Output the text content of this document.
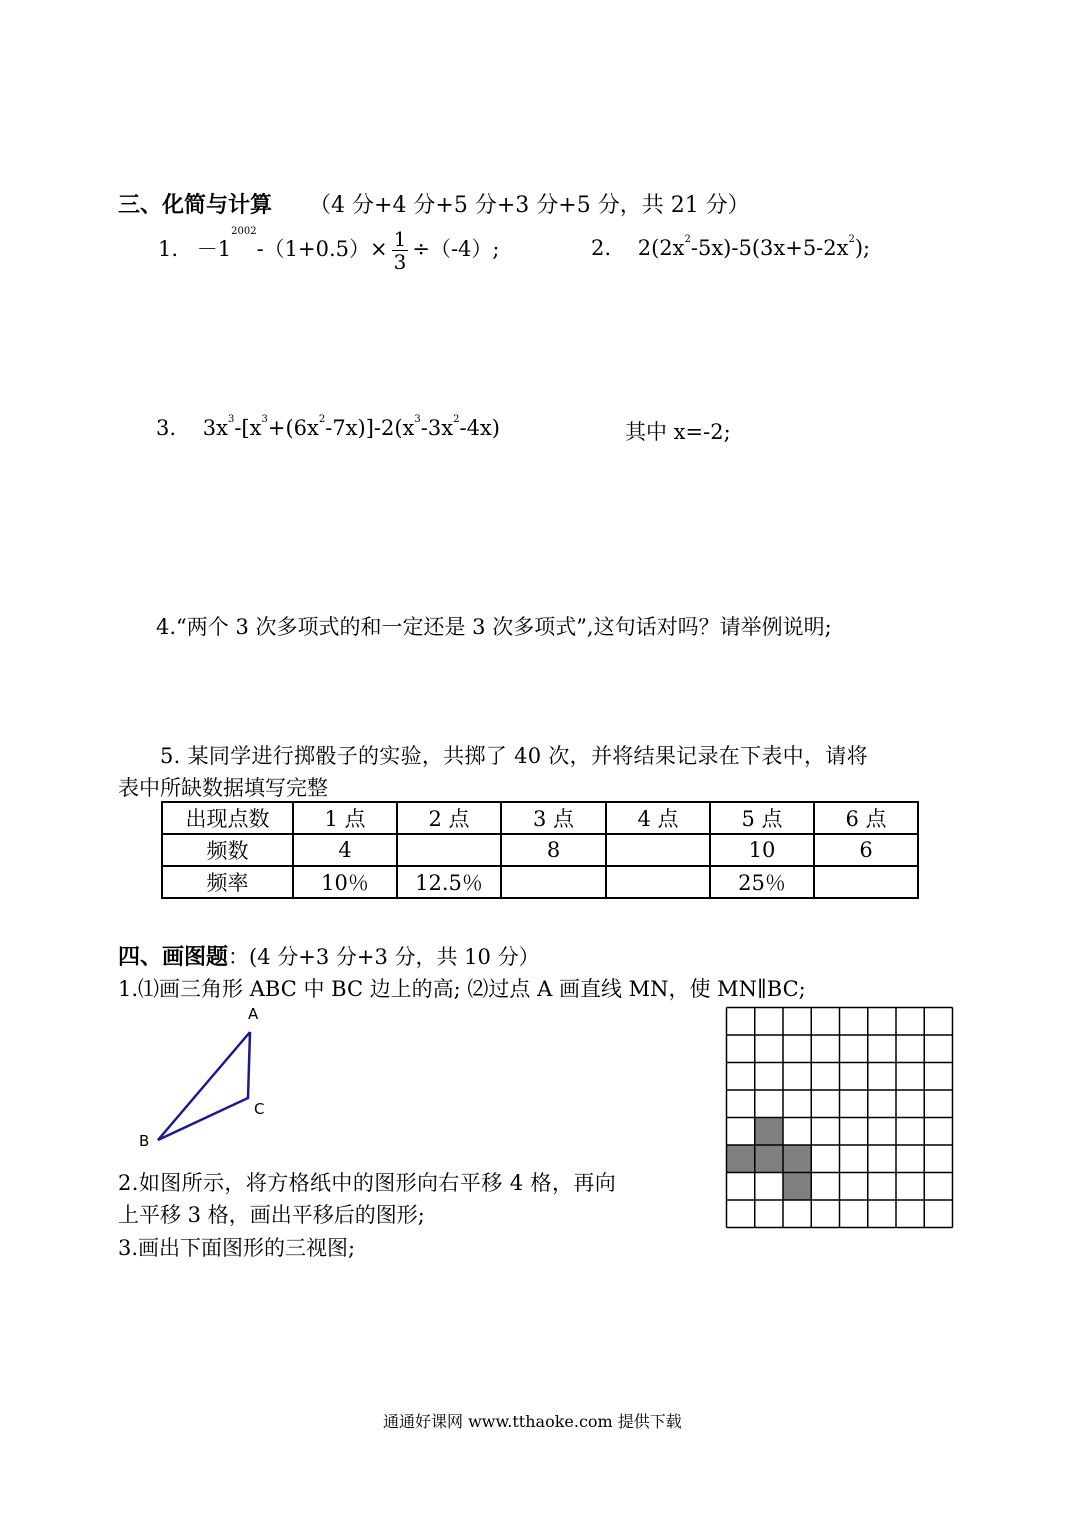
三、化简与计算 （4 分+4 分+5 分+3 分+5 分，共 21 分）
1. $-1^{2002}-(1+0.5)\times \frac{1}{3} \div(-4)$;	2. $2(2x^2-5x)-5(3x+5-2x^2)$;
3. $3x^3-[x^3+(6x^2-7x)]-2(x^3-3x^2-4x)$	其中 x=-2;
4.“两个 3 次多项式的和一定还是 3 次多项式”,这句话对吗？请举例说明;
5. 某同学进行掷骰子的实验，共掷了 40 次，并将结果记录在下表中，请将
表中所缺数据填写完整
出现点数	1 点	2 点	3 点	4 点	5 点	6 点
频数	4		8		10	6
频率	10％	12.5％			25％	
四、画图题：(4 分+3 分+3 分，共 10 分）
1.⑴画三角形 ABC 中 BC 边上的高; ⑵过点 A 画直线 MN，使 MN∥BC;
A
C
B
2.如图所示，将方格纸中的图形向右平移 4 格，再向
上平移 3 格，画出平移后的图形;
3.画出下面图形的三视图;
通通好课网 www.tthaoke.com 提供下载
